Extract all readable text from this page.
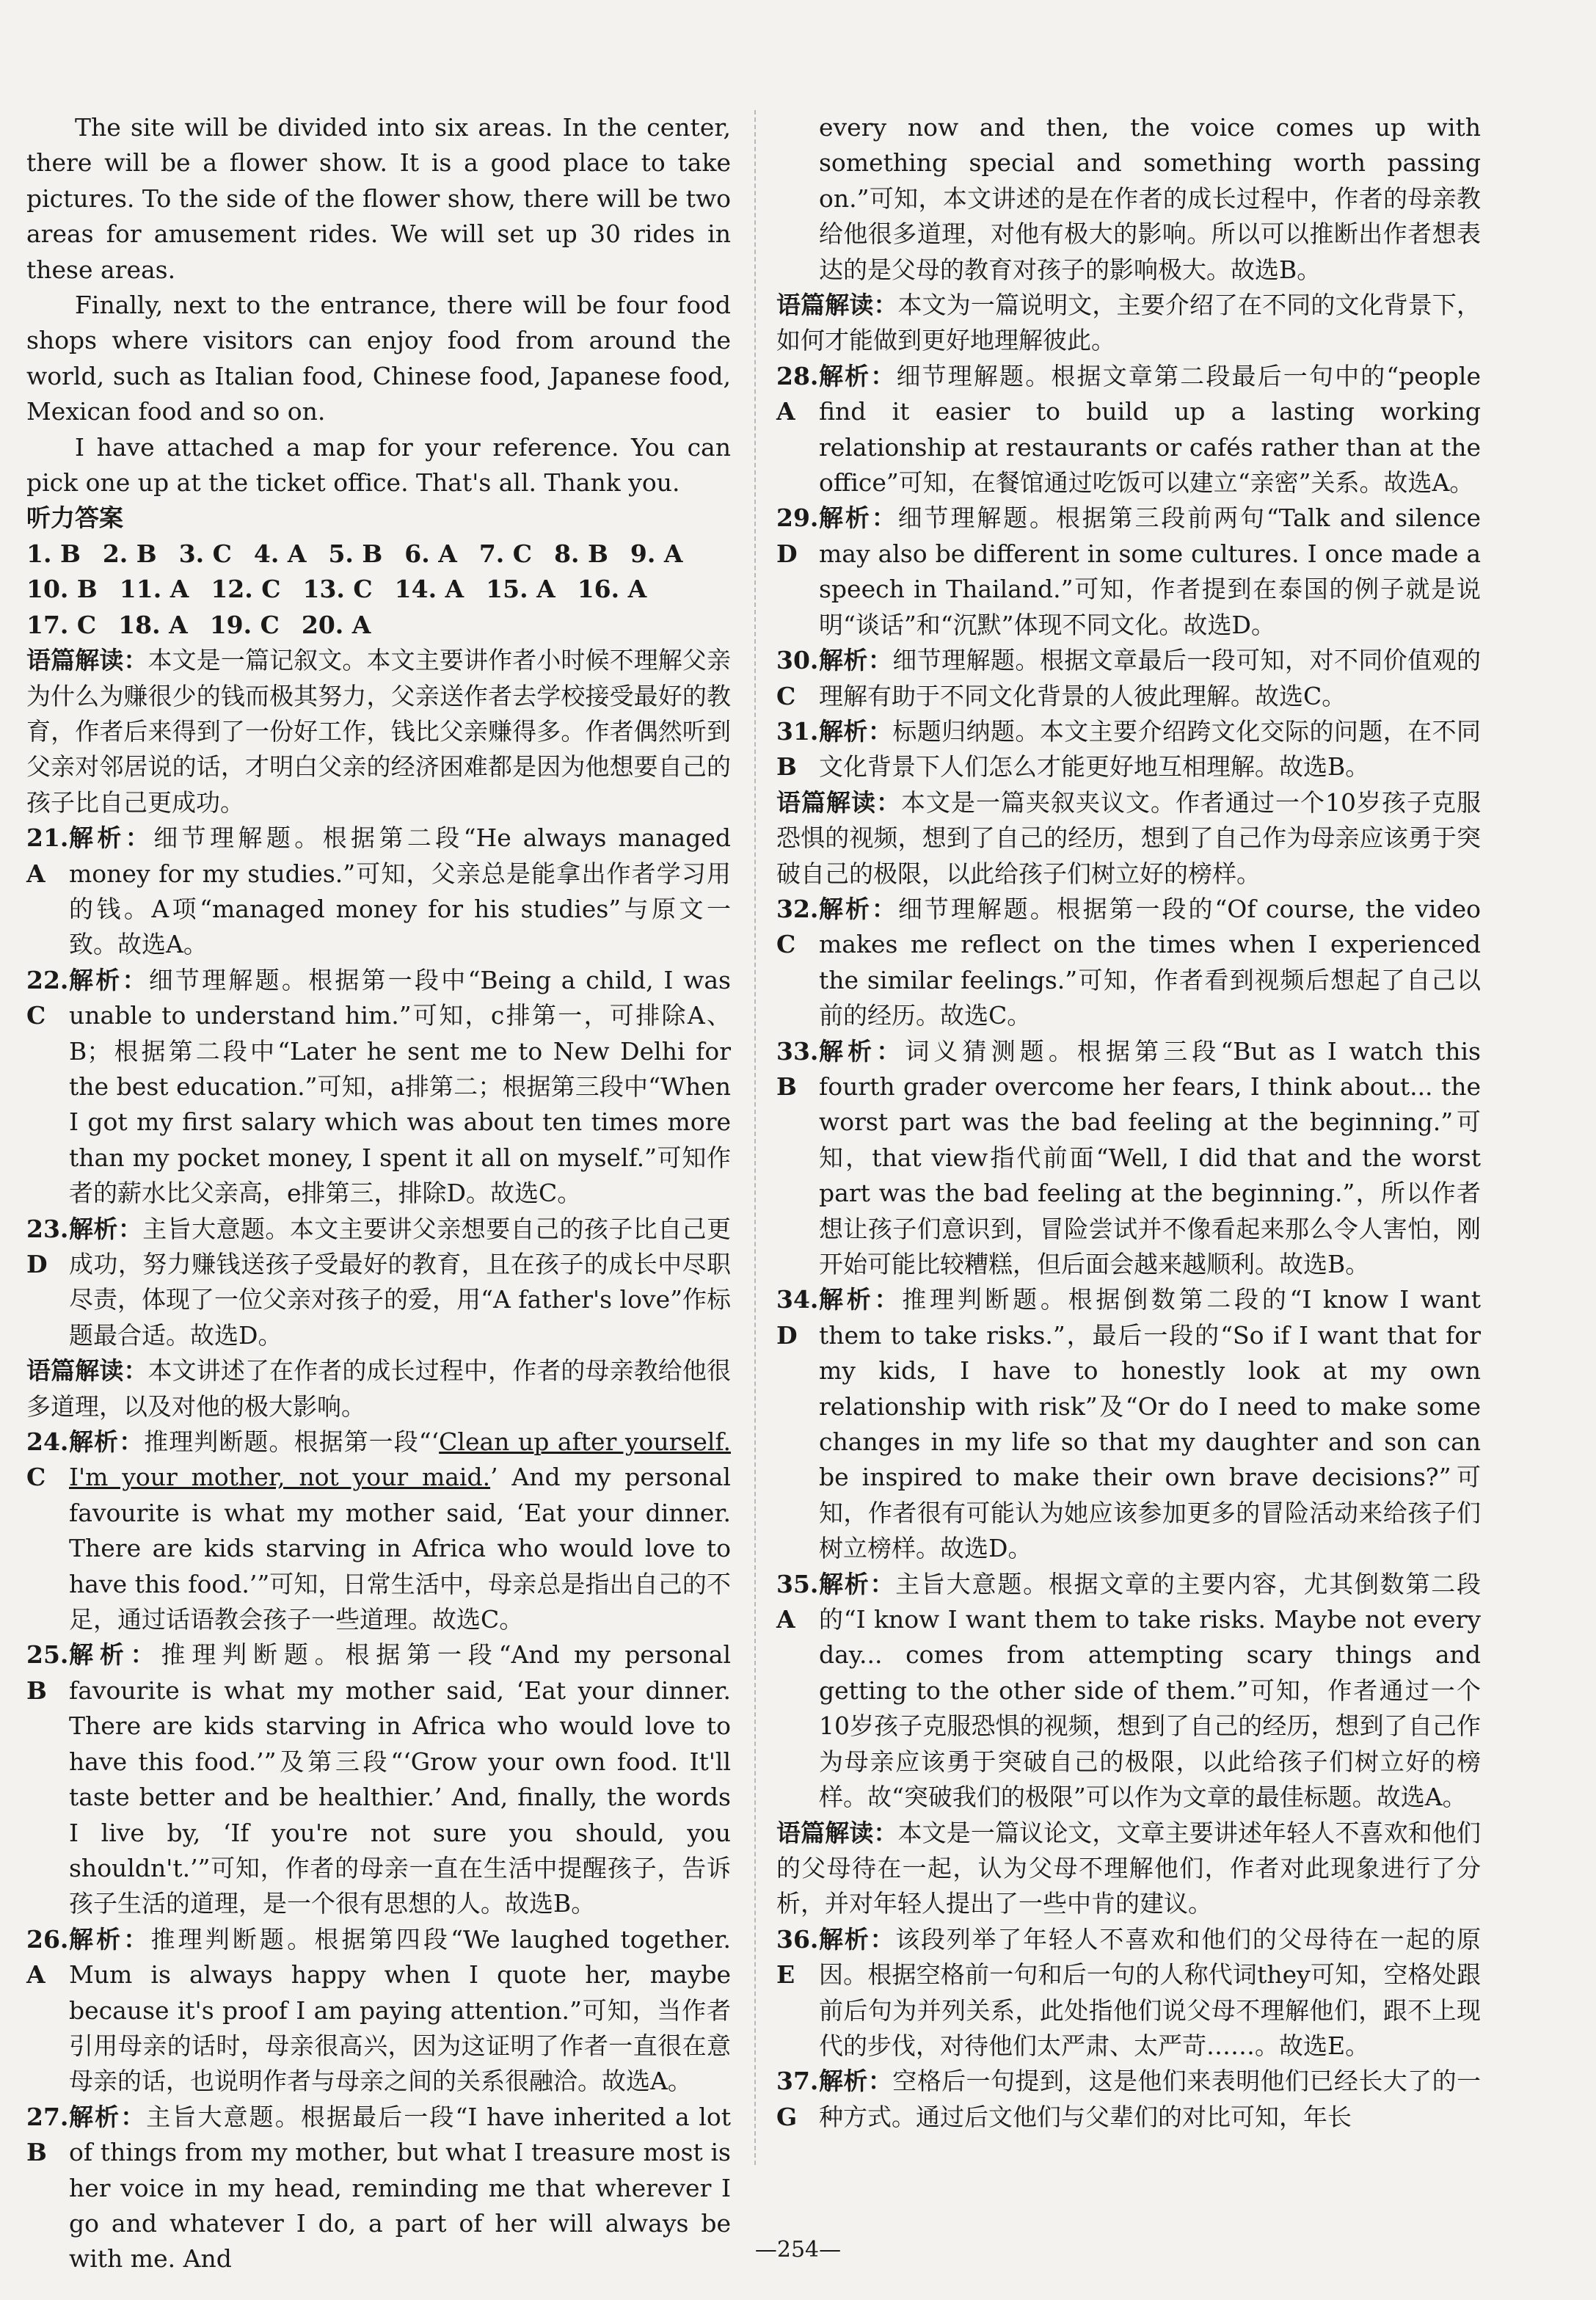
The site will be divided into six areas. In the center, there will be a flower show. It is a good place to take pictures. To the side of the flower show, there will be two areas for amusement rides. We will set up 30 rides in these areas.

Finally, next to the entrance, there will be four food shops where visitors can enjoy food from around the world, such as Italian food, Chinese food, Japanese food, Mexican food and so on.

I have attached a map for your reference. You can pick one up at the ticket office. That's all. Thank you.

听力答案

1. B 2. B 3. C 4. A 5. B 6. A 7. C 8. B 9. A
10. B 11. A 12. C 13. C 14. A 15. A 16. A
17. C 18. A 19. C 20. A

语篇解读：本文是一篇记叙文。本文主要讲作者小时候不理解父亲为什么为赚很少的钱而极其努力，父亲送作者去学校接受最好的教育，作者后来得到了一份好工作，钱比父亲赚得多。作者偶然听到父亲对邻居说的话，才明白父亲的经济困难都是因为他想要自己的孩子比自己更成功。

21. A
解析：细节理解题。根据第二段“He always managed money for my studies.”可知，父亲总是能拿出作者学习用的钱。A项“managed money for his studies”与原文一致。故选A。
22. C
解析：细节理解题。根据第一段中“Being a child, I was unable to understand him.”可知，c排第一，可排除A、B；根据第二段中“Later he sent me to New Delhi for the best education.”可知，a排第二；根据第三段中“When I got my first salary which was about ten times more than my pocket money, I spent it all on myself.”可知作者的薪水比父亲高，e排第三，排除D。故选C。
23. D
解析：主旨大意题。本文主要讲父亲想要自己的孩子比自己更成功，努力赚钱送孩子受最好的教育，且在孩子的成长中尽职尽责，体现了一位父亲对孩子的爱，用“A father's love”作标题最合适。故选D。

语篇解读：本文讲述了在作者的成长过程中，作者的母亲教给他很多道理，以及对他的极大影响。

24. C
解析：推理判断题。根据第一段“‘Clean up after yourself. I'm your mother, not your maid.’ And my personal favourite is what my mother said, ‘Eat your dinner. There are kids starving in Africa who would love to have this food.’”可知，日常生活中，母亲总是指出自己的不足，通过话语教会孩子一些道理。故选C。
25. B
解析：推理判断题。根据第一段“And my personal favourite is what my mother said, ‘Eat your dinner. There are kids starving in Africa who would love to have this food.’”及第三段“‘Grow your own food. It'll taste better and be healthier.’ And, finally, the words I live by, ‘If you're not sure you should, you shouldn't.’”可知，作者的母亲一直在生活中提醒孩子，告诉孩子生活的道理，是一个很有思想的人。故选B。
26. A
解析：推理判断题。根据第四段“We laughed together. Mum is always happy when I quote her, maybe because it's proof I am paying attention.”可知，当作者引用母亲的话时，母亲很高兴，因为这证明了作者一直很在意母亲的话，也说明作者与母亲之间的关系很融洽。故选A。
27. B
解析：主旨大意题。根据最后一段“I have inherited a lot of things from my mother, but what I treasure most is her voice in my head, reminding me that wherever I go and whatever I do, a part of her will always be with me. And
every now and then, the voice comes up with something special and something worth passing on.”可知，本文讲述的是在作者的成长过程中，作者的母亲教给他很多道理，对他有极大的影响。所以可以推断出作者想表达的是父母的教育对孩子的影响极大。故选B。

语篇解读：本文为一篇说明文，主要介绍了在不同的文化背景下，如何才能做到更好地理解彼此。

28. A
解析：细节理解题。根据文章第二段最后一句中的“people find it easier to build up a lasting working relationship at restaurants or cafés rather than at the office”可知，在餐馆通过吃饭可以建立“亲密”关系。故选A。
29. D
解析：细节理解题。根据第三段前两句“Talk and silence may also be different in some cultures. I once made a speech in Thailand.”可知，作者提到在泰国的例子就是说明“谈话”和“沉默”体现不同文化。故选D。
30. C
解析：细节理解题。根据文章最后一段可知，对不同价值观的理解有助于不同文化背景的人彼此理解。故选C。
31. B
解析：标题归纳题。本文主要介绍跨文化交际的问题，在不同文化背景下人们怎么才能更好地互相理解。故选B。

语篇解读：本文是一篇夹叙夹议文。作者通过一个10岁孩子克服恐惧的视频，想到了自己的经历，想到了自己作为母亲应该勇于突破自己的极限，以此给孩子们树立好的榜样。

32. C
解析：细节理解题。根据第一段的“Of course, the video makes me reflect on the times when I experienced the similar feelings.”可知，作者看到视频后想起了自己以前的经历。故选C。
33. B
解析：词义猜测题。根据第三段“But as I watch this fourth grader overcome her fears, I think about... the worst part was the bad feeling at the beginning.”可知，that view指代前面“Well, I did that and the worst part was the bad feeling at the beginning.”，所以作者想让孩子们意识到，冒险尝试并不像看起来那么令人害怕，刚开始可能比较糟糕，但后面会越来越顺利。故选B。
34. D
解析：推理判断题。根据倒数第二段的“I know I want them to take risks.”，最后一段的“So if I want that for my kids, I have to honestly look at my own relationship with risk”及“Or do I need to make some changes in my life so that my daughter and son can be inspired to make their own brave decisions?”可知，作者很有可能认为她应该参加更多的冒险活动来给孩子们树立榜样。故选D。
35. A
解析：主旨大意题。根据文章的主要内容，尤其倒数第二段的“I know I want them to take risks. Maybe not every day... comes from attempting scary things and getting to the other side of them.”可知，作者通过一个10岁孩子克服恐惧的视频，想到了自己的经历，想到了自己作为母亲应该勇于突破自己的极限，以此给孩子们树立好的榜样。故“突破我们的极限”可以作为文章的最佳标题。故选A。

语篇解读：本文是一篇议论文，文章主要讲述年轻人不喜欢和他们的父母待在一起，认为父母不理解他们，作者对此现象进行了分析，并对年轻人提出了一些中肯的建议。

36. E
解析：该段列举了年轻人不喜欢和他们的父母待在一起的原因。根据空格前一句和后一句的人称代词they可知，空格处跟前后句为并列关系，此处指他们说父母不理解他们，跟不上现代的步伐，对待他们太严肃、太严苛……。故选E。
37. G
解析：空格后一句提到，这是他们来表明他们已经长大了的一种方式。通过后文他们与父辈们的对比可知，年长
—254—
